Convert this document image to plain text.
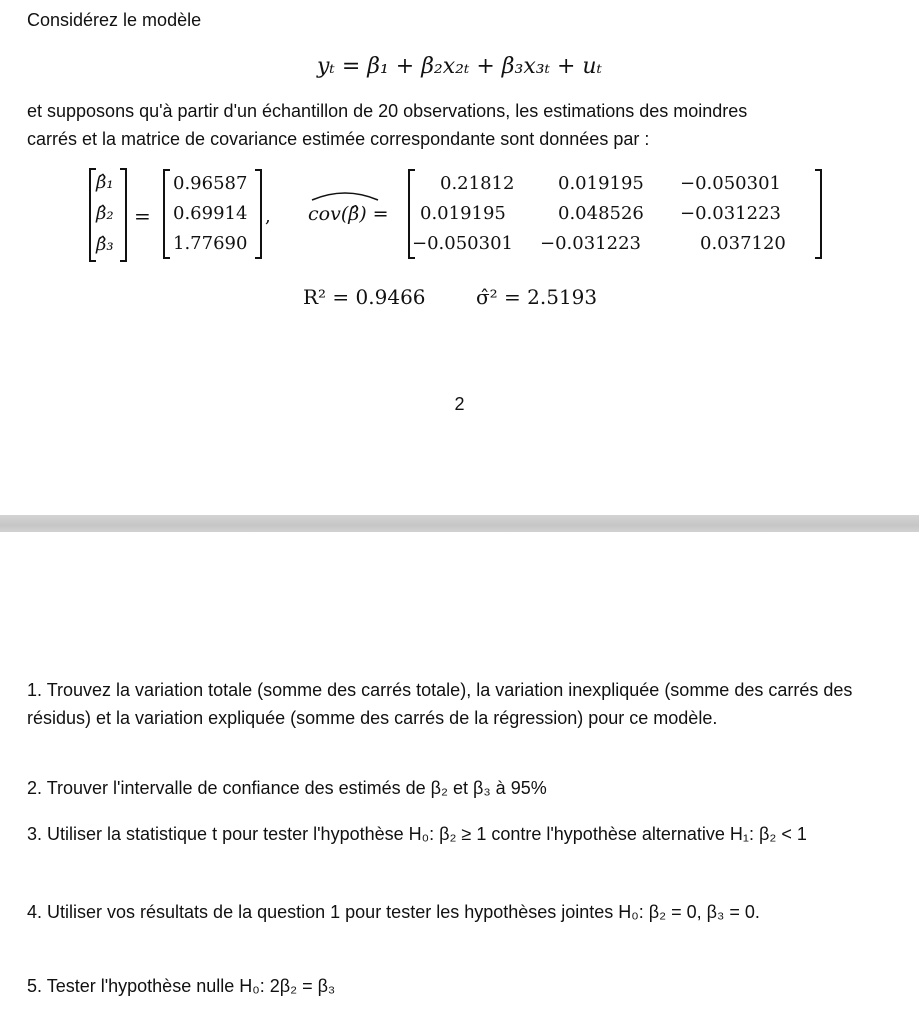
Considérez le modèle
yₜ = β₁ + β₂x₂ₜ + β₃x₃ₜ + uₜ
et supposons qu'à partir d'un échantillon de 20 observations, les estimations des moindres
carrés et la matrice de covariance estimée correspondante sont données par :
β̂₁
β̂₂
β̂₃
=
0.96587
0.69914
1.77690
, cov(β̂) =
0.21812 0.019195 −0.050301
0.019195	0.048526 −0.031223
−0.050301 −0.031223	0.037120
R² = 0.9466	σ̂² = 2.5193
2
1. Trouvez la variation totale (somme des carrés totale), la variation inexpliquée (somme des carrés des résidus) et la variation expliquée (somme des carrés de la régression) pour ce modèle.
2. Trouver l'intervalle de confiance des estimés de β₂ et β₃ à 95%
3. Utiliser la statistique t pour tester l'hypothèse H₀: β₂ ≥ 1 contre l'hypothèse alternative H₁: β₂ < 1
4. Utiliser vos résultats de la question 1 pour tester les hypothèses jointes H₀: β₂ = 0, β₃ = 0.
5. Tester l'hypothèse nulle H₀: 2β₂ = β₃
